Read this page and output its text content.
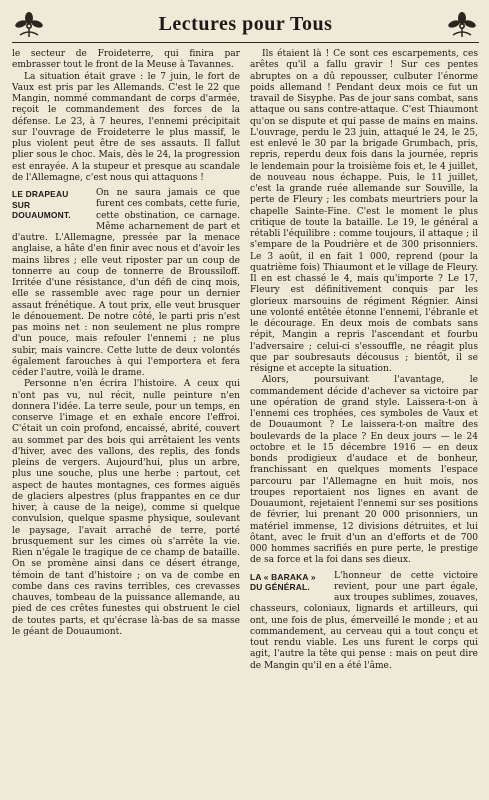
Lectures pour Tous

le secteur de Froideterre, qui finira par embrasser tout le front de la Meuse à Tavannes.

La situation était grave : le 7 juin, le fort de Vaux est pris par les Allemands. C'est le 22 que Mangin, nommé commandant de corps d'armée, reçoit le commandement des forces de la défense. Le 23, à 7 heures, l'ennemi précipitait sur l'ouvrage de Froideterre le plus massif, le plus violent peut être de ses assauts. Il fallut plier sous le choc. Mais, dès le 24, la progression est enrayée. A la stupeur et presque au scandale de l'Allemagne, c'est nous qui attaquons !

LE DRAPEAU
SUR
DOUAUMONT.

On ne saura jamais ce que furent ces combats, cette furie, cette obstination, ce carnage. Même acharnement de part et d'autre. L'Allemagne, pressée par la menace anglaise, a hâte d'en finir avec nous et d'avoir les mains libres ; elle veut riposter par un coup de tonnerre au coup de tonnerre de Broussiloff. Irritée d'une résistance, d'un défi de cinq mois, elle se rassemble avec rage pour un dernier assaut frénétique. A tout prix, elle veut brusquer le dénouement. De notre côté, le parti pris n'est pas moins net : non seulement ne plus rompre d'un pouce, mais refouler l'ennemi ; ne plus subir, mais vaincre. Cette lutte de deux volontés également farouches à qui l'emportera et fera céder l'autre, voilà le drame.

Personne n'en écrira l'histoire. A ceux qui n'ont pas vu, nul récit, nulle peinture n'en donnera l'idée. La terre seule, pour un temps, en conserve l'image et en exhale encore l'effroi. C'était un coin profond, encaissé, abrité, couvert au sommet par des bois qui arrêtaient les vents d'hiver, avec des vallons, des replis, des fonds pleins de vergers. Aujourd'hui, plus un arbre, plus une souche, plus une herbe : partout, cet aspect de hautes montagnes, ces formes aiguës de glaciers alpestres (plus frappantes en ce dur hiver, à cause de la neige), comme si quelque convulsion, quelque spasme physique, soulevant le paysage, l'avait arraché de terre, porté brusquement sur les cimes où s'arrête la vie. Rien n'égale le tragique de ce champ de bataille. On se promène ainsi dans ce désert étrange, témoin de tant d'histoire ; on va de combe en combe dans ces ravins terribles, ces crevasses chauves, tombeau de la puissance allemande, au pied de ces crêtes funestes qui obstruent le ciel de toutes parts, et qu'écrase là-bas de sa masse le géant de Douaumont.

Ils étaient là ! Ce sont ces escarpements, ces arêtes qu'il a fallu gravir ! Sur ces pentes abruptes on a dû repousser, culbuter l'énorme poids allemand ! Pendant deux mois ce fut un travail de Sisyphe. Pas de jour sans combat, sans attaque ou sans contre-attaque. C'est Thiaumont qu'on se dispute et qui passe de mains en mains. L'ouvrage, perdu le 23 juin, attaqué le 24, le 25, est enlevé le 30 par la brigade Grumbach, pris, repris, reperdu deux fois dans la journée, repris le lendemain pour la troisième fois et, le 4 juillet, de nouveau nous échappe. Puis, le 11 juillet, c'est la grande ruée allemande sur Souville, la perte de Fleury ; les combats meurtriers pour la chapelle Sainte-Fine. C'est le moment le plus critique de toute la bataille. Le 19, le général a rétabli l'équilibre : comme toujours, il attaque ; il s'empare de la Poudrière et de 300 prisonniers. Le 3 août, il en fait 1 000, reprend (pour la quatrième fois) Thiaumont et le village de Fleury. Il en est chassé le 4, mais qu'importe ? Le 17, Fleury est définitivement conquis par les glorieux marsouins de régiment Régnier. Ainsi une volonté entêtée étonne l'ennemi, l'ébranle et le décourage. En deux mois de combats sans répit, Mangin a repris l'ascendant et fourbu l'adversaire ; celui-ci s'essouffle, ne réagit plus que par soubresauts décousus ; bientôt, il se résigne et accepte la situation.

Alors, poursuivant l'avantage, le commandement décide d'achever sa victoire par une opération de grand style. Laissera-t-on à l'ennemi ces trophées, ces symboles de Vaux et de Douaumont ? Le laissera-t-on maître des boulevards de la place ? En deux jours — le 24 octobre et le 15 décembre 1916 — en deux bonds prodigieux d'audace et de bonheur, franchissant en quelques moments l'espace parcouru par l'Allemagne en huit mois, nos troupes reportaient nos lignes en avant de Douaumont, rejetaient l'ennemi sur ses positions de février, lui prenant 20 000 prisonniers, un matériel immense, 12 divisions détruites, et lui ôtant, avec le fruit d'un an d'efforts et de 700 000 hommes sacrifiés en pure perte, le prestige de sa force et la foi dans ses dieux.

LA « BARAKA »
DU GÉNÉRAL.

L'honneur de cette victoire revient, pour une part égale, aux troupes sublimes, zouaves, chasseurs, coloniaux, lignards et artilleurs, qui ont, une fois de plus, émerveillé le monde ; et au commandement, au cerveau qui a tout conçu et tout rendu viable. Les uns furent le corps qui agit, l'autre la tête qui pense : mais on peut dire de Mangin qu'il en a été l'âme.
